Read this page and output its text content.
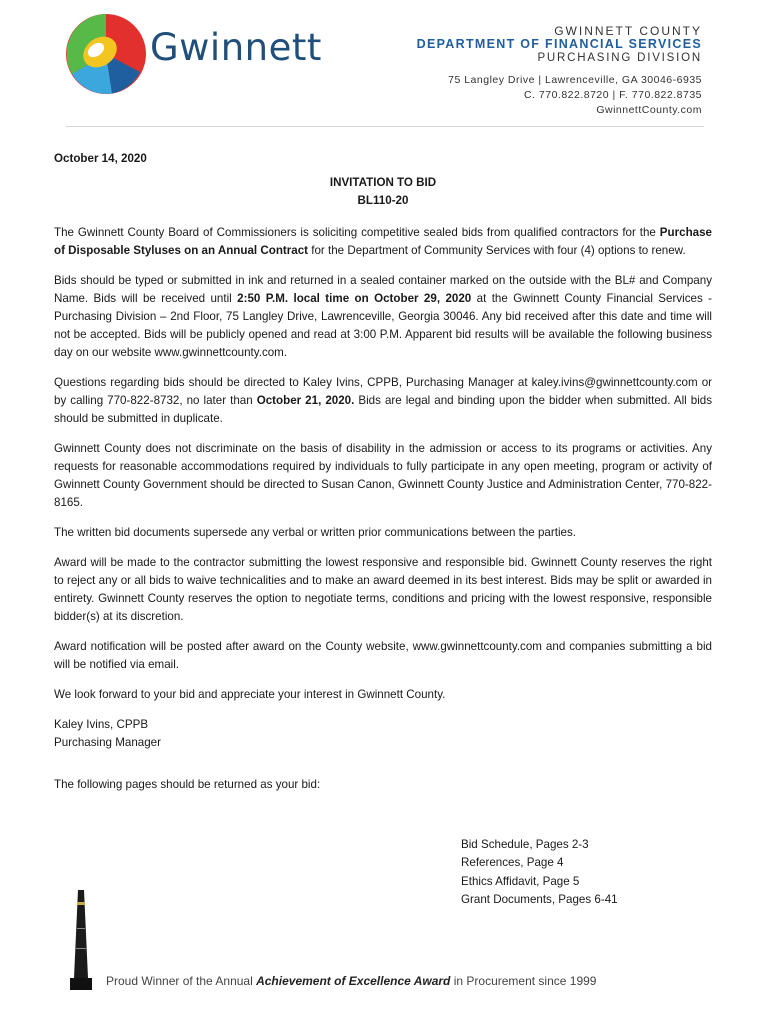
Gwinnett	GWINNETT COUNTY
DEPARTMENT OF FINANCIAL SERVICES
PURCHASING DIVISION
75 Langley Drive | Lawrenceville, GA 30046-6935
C. 770.822.8720 | F. 770.822.8735
GwinnettCounty.com

October 14, 2020

INVITATION TO BID

BL110-20

The Gwinnett County Board of Commissioners is soliciting competitive sealed bids from qualified contractors for the Purchase of Disposable Styluses on an Annual Contract for the Department of Community Services with four (4) options to renew.

Bids should be typed or submitted in ink and returned in a sealed container marked on the outside with the BL# and Company Name. Bids will be received until 2:50 P.M. local time on October 29, 2020 at the Gwinnett County Financial Services - Purchasing Division – 2nd Floor, 75 Langley Drive, Lawrenceville, Georgia 30046. Any bid received after this date and time will not be accepted. Bids will be publicly opened and read at 3:00 P.M. Apparent bid results will be available the following business day on our website www.gwinnettcounty.com.

Questions regarding bids should be directed to Kaley Ivins, CPPB, Purchasing Manager at kaley.ivins@gwinnettcounty.com or by calling 770-822-8732, no later than October 21, 2020. Bids are legal and binding upon the bidder when submitted. All bids should be submitted in duplicate.

Gwinnett County does not discriminate on the basis of disability in the admission or access to its programs or activities. Any requests for reasonable accommodations required by individuals to fully participate in any open meeting, program or activity of Gwinnett County Government should be directed to Susan Canon, Gwinnett County Justice and Administration Center, 770-822-8165.

The written bid documents supersede any verbal or written prior communications between the parties.

Award will be made to the contractor submitting the lowest responsive and responsible bid. Gwinnett County reserves the right to reject any or all bids to waive technicalities and to make an award deemed in its best interest. Bids may be split or awarded in entirety. Gwinnett County reserves the option to negotiate terms, conditions and pricing with the lowest responsive, responsible bidder(s) at its discretion.

Award notification will be posted after award on the County website, www.gwinnettcounty.com and companies submitting a bid will be notified via email.

We look forward to your bid and appreciate your interest in Gwinnett County.

Kaley Ivins, CPPB

Purchasing Manager

The following pages should be returned as your bid:

Bid Schedule, Pages 2-3
References, Page 4
Ethics Affidavit, Page 5
Grant Documents, Pages 6-41
Proud Winner of the Annual Achievement of Excellence Award in Procurement since 1999
